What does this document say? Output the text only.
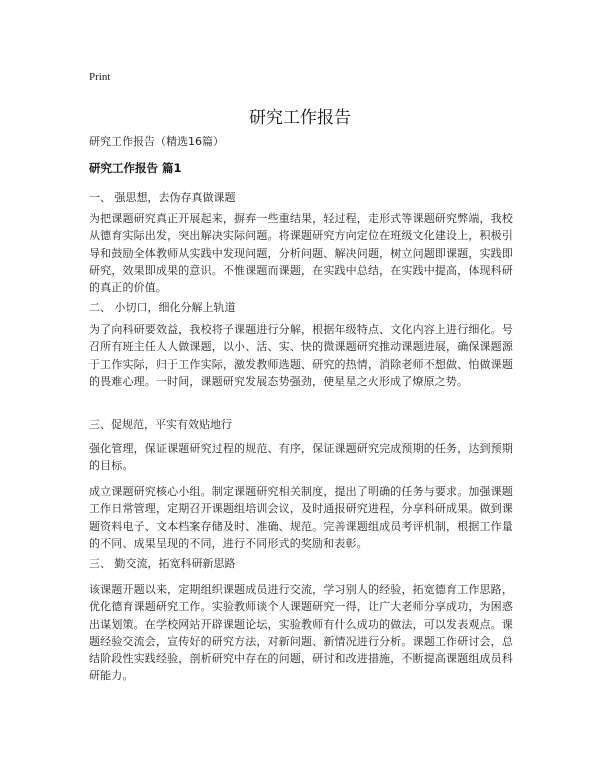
Print
研究工作报告
研究工作报告（精选16篇）
研究工作报告 篇1
一、 强思想，去伪存真做课题

为把课题研究真正开展起来，摒弃一些重结果，轻过程，走形式等课题研究弊端，我校从德育实际出发，突出解决实际问题。将课题研究方向定位在班级文化建设上，积极引导和鼓励全体教师从实践中发现问题，分析问题、解决问题，树立问题即课题，实践即研究，效果即成果的意识。不惟课题而课题，在实践中总结，在实践中提高，体现科研的真正的价值。

二、 小切口，细化分解上轨道

为了向科研要效益，我校将子课题进行分解，根据年级特点、文化内容上进行细化。号召所有班主任人人做课题，以小、活、实、快的微课题研究推动课题进展，确保课题源于工作实际，归于工作实际，激发教师选题、研究的热情，消除老师不想做、怕做课题的畏难心理。一时间，课题研究发展态势强劲，使星星之火形成了燎原之势。

三、促规范，平实有效贴地行

强化管理，保证课题研究过程的规范、有序，保证课题研究完成预期的任务，达到预期的目标。

成立课题研究核心小组。制定课题研究相关制度，提出了明确的任务与要求。加强课题工作日常管理，定期召开课题组培训会议，及时通报研究进程，分享科研成果。做到课题资料电子、文本档案存储及时、准确、规范。完善课题组成员考评机制，根据工作量的不同、成果呈现的不同，进行不同形式的奖励和表彰。

三、 勤交流，拓宽科研新思路

该课题开题以来，定期组织课题成员进行交流，学习别人的经验，拓宽德育工作思路，优化德育课题研究工作。实验教师谈个人课题研究一得，让广大老师分享成功，为困惑出谋划策。在学校网站开辟课题论坛，实验教师有什么成功的做法，可以发表观点。课题经验交流会，宣传好的研究方法，对新问题、新情况进行分析。课题工作研讨会，总结阶段性实践经验，剖析研究中存在的问题，研讨和改进措施，不断提高课题组成员科研能力。
